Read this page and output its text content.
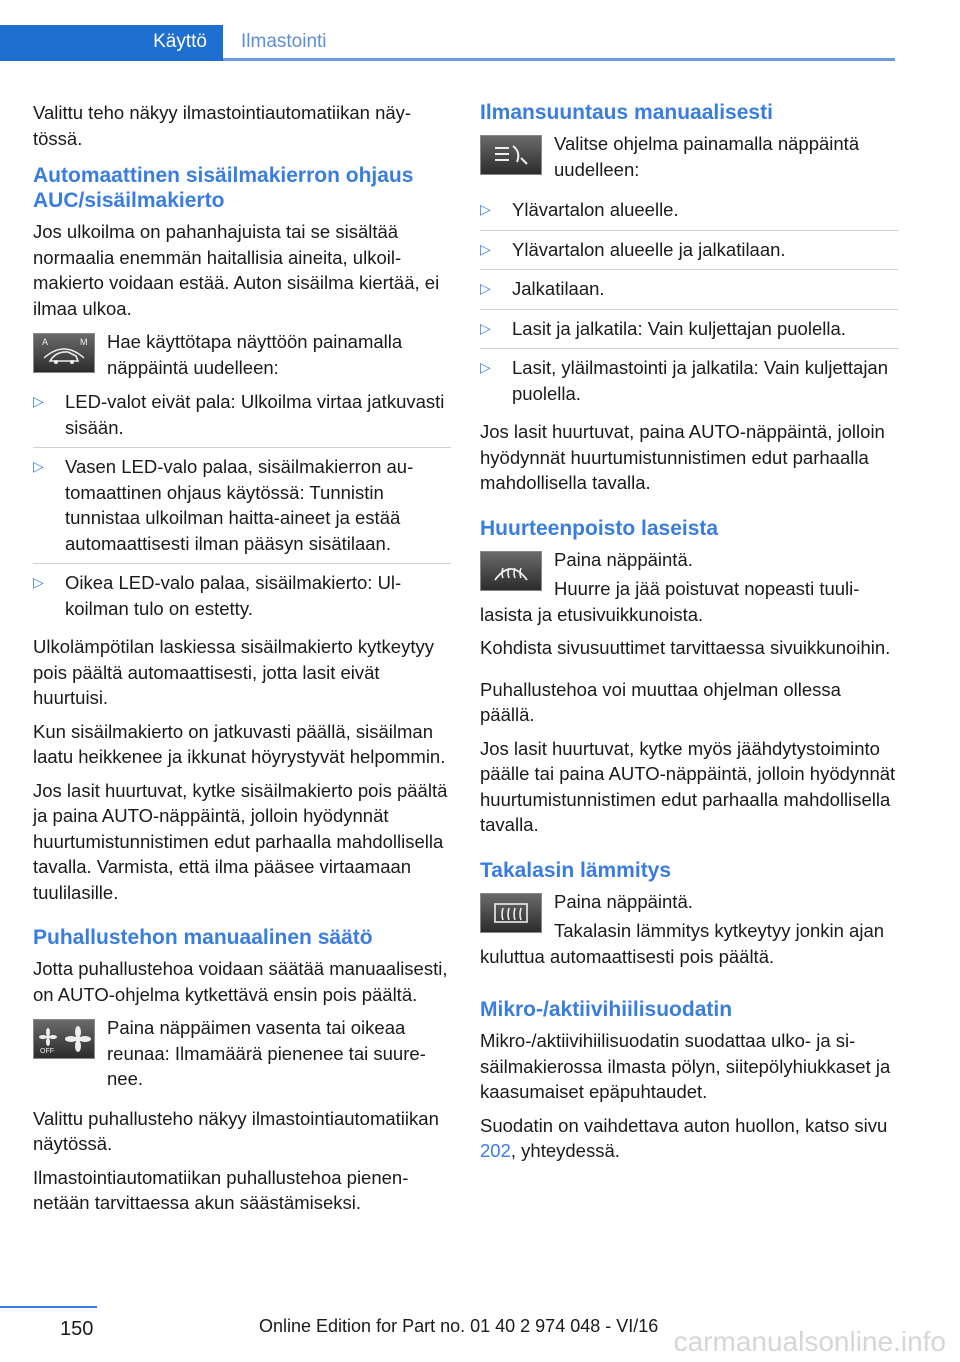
Käyttö Ilmastointi

Valittu teho näkyy ilmastointiautomatiikan näytössä.

Automaattinen sisäilmakierron ohjaus AUC/sisäilmakierto

Jos ulkoilma on pahanhajuista tai se sisältää normaalia enemmän haitallisia aineita, ulkoilmakierto voidaan estää. Auton sisäilma kiertää, ei ilmaa ulkoa.

A	M Hae käyttötapa näyttöön painamalla näppäintä uudelleen:

▷ LED-valot eivät pala: Ulkoilma virtaa jatkuvasti sisään.
▷ Vasen LED-valo palaa, sisäilmakierron automaattinen ohjaus käytössä: Tunnistin tunnistaa ulkoilman haitta-aineet ja estää automaattisesti ilman pääsyn sisätilaan.
▷ Oikea LED-valo palaa, sisäilmakierto: Ulkoilman tulo on estetty.

Ulkolämpötilan laskiessa sisäilmakierto kytkeytyy pois päältä automaattisesti, jotta lasit eivät huurtuisi.

Kun sisäilmakierto on jatkuvasti päällä, sisäilman laatu heikkenee ja ikkunat höyrystyvät helpommin.

Jos lasit huurtuvat, kytke sisäilmakierto pois päältä ja paina AUTO-näppäintä, jolloin hyödynnät huurtumistunnistimen edut parhaalla mahdollisella tavalla. Varmista, että ilma pääsee virtaamaan tuulilasille.

Puhallustehon manuaalinen säätö

Jotta puhallustehoa voidaan säätää manuaalisesti, on AUTO-ohjelma kytkettävä ensin pois päältä.

OFF

Paina näppäimen vasenta tai oikeaa reunaa: Ilmamäärä pienenee tai suurenee.

Valittu puhallusteho näkyy ilmastointiautomatiikan näytössä.

Ilmastointiautomatiikan puhallustehoa pienennetään tarvittaessa akun säästämiseksi.

Ilmansuuntaus manuaalisesti

Valitse ohjelma painamalla näppäintä uudelleen:

▷ Ylävartalon alueelle.
▷ Ylävartalon alueelle ja jalkatilaan.
▷ Jalkatilaan.
▷ Lasit ja jalkatila: Vain kuljettajan puolella.
▷ Lasit, yläilmastointi ja jalkatila: Vain kuljettajan puolella.

Jos lasit huurtuvat, paina AUTO-näppäintä, jolloin hyödynnät huurtumistunnistimen edut parhaalla mahdollisella tavalla.

Huurteenpoisto laseista

Paina näppäintä.

Huurre ja jää poistuvat nopeasti tuulilasista ja etusivuikkunoista.

Kohdista sivusuuttimet tarvittaessa sivuikkunoihin.

Puhallustehoa voi muuttaa ohjelman ollessa päällä.

Jos lasit huurtuvat, kytke myös jäähdytystoiminto päälle tai paina AUTO-näppäintä, jolloin hyödynnät huurtumistunnistimen edut parhaalla mahdollisella tavalla.

Takalasin lämmitys

Paina näppäintä.

Takalasin lämmitys kytkeytyy jonkin ajan kuluttua automaattisesti pois päältä.

Mikro-/aktiivihiilisuodatin

Mikro-/aktiivihiilisuodatin suodattaa ulko- ja sisäilmakierossa ilmasta pölyn, siitepölyhiukkaset ja kaasumaiset epäpuhtaudet.

Suodatin on vaihdettava auton huollon, katso sivu 202, yhteydessä.

150	Online Edition for Part no. 01 40 2 974 048 - VI/16 carmanualsonline.info
